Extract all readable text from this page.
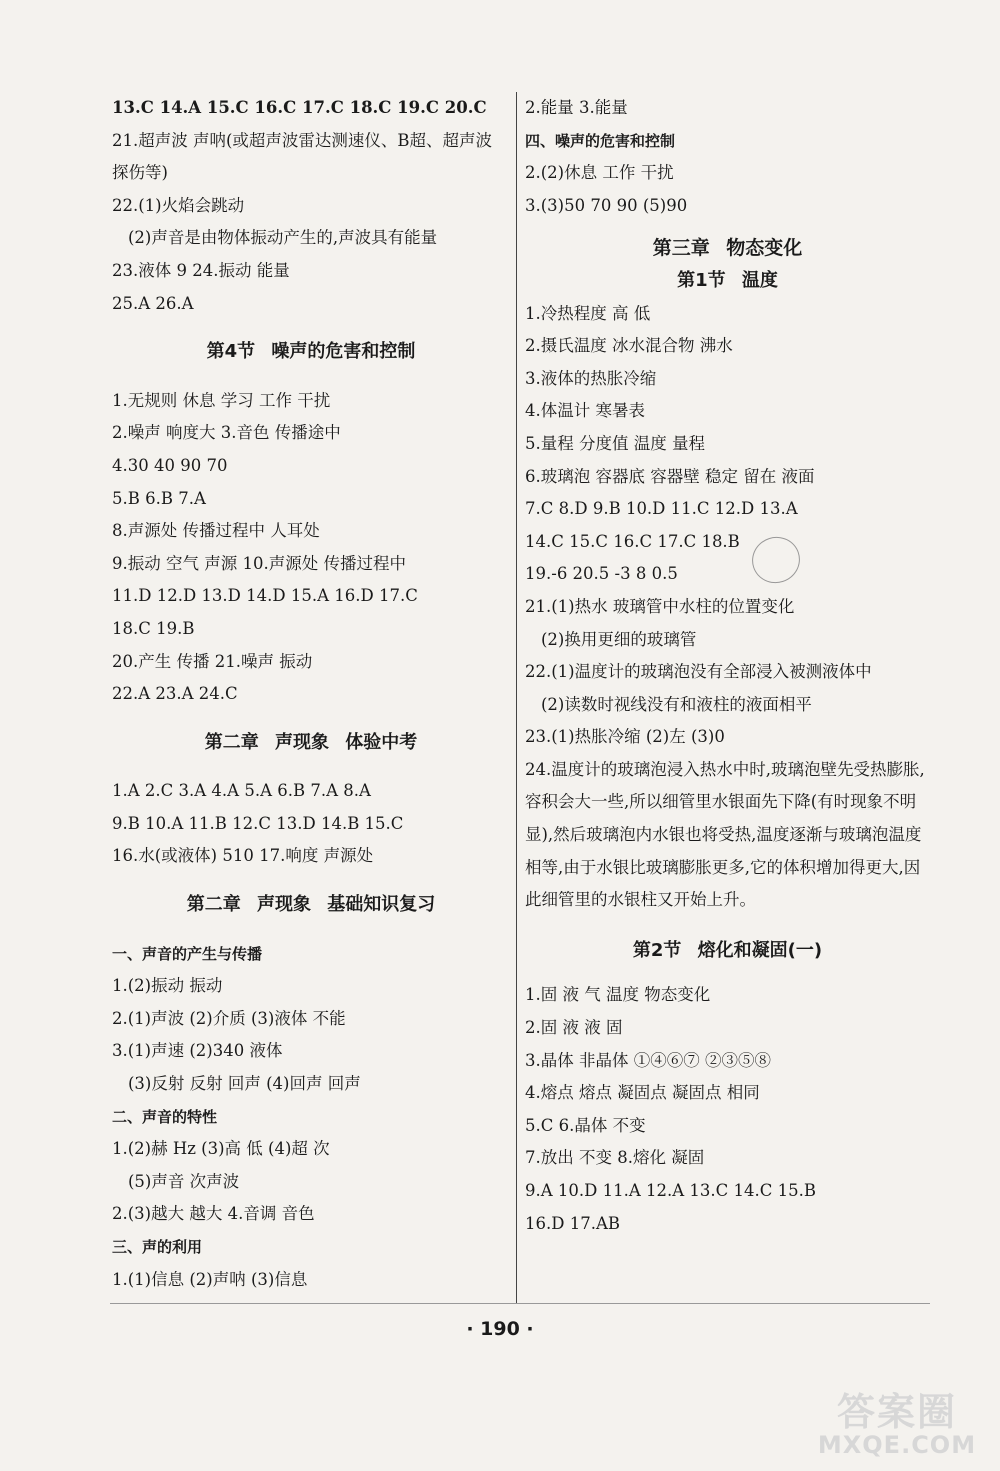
13.C 14.A 15.C 16.C 17.C 18.C 19.C 20.C
21.超声波 声呐(或超声波雷达测速仪、B超、超声波
探伤等)
22.(1)火焰会跳动
(2)声音是由物体振动产生的,声波具有能量
23.液体 9 24.振动 能量
25.A 26.A
第4节 噪声的危害和控制
1.无规则 休息 学习 工作 干扰
2.噪声 响度大 3.音色 传播途中
4.30 40 90 70
5.B 6.B 7.A
8.声源处 传播过程中 人耳处
9.振动 空气 声源 10.声源处 传播过程中
11.D 12.D 13.D 14.D 15.A 16.D 17.C
18.C 19.B
20.产生 传播 21.噪声 振动
22.A 23.A 24.C
第二章 声现象 体验中考
1.A 2.C 3.A 4.A 5.A 6.B 7.A 8.A
9.B 10.A 11.B 12.C 13.D 14.B 15.C
16.水(或液体) 510 17.响度 声源处
第二章 声现象 基础知识复习
一、声音的产生与传播
1.(2)振动 振动
2.(1)声波 (2)介质 (3)液体 不能
3.(1)声速 (2)340 液体
(3)反射 反射 回声 (4)回声 回声
二、声音的特性
1.(2)赫 Hz (3)高 低 (4)超 次
(5)声音 次声波
2.(3)越大 越大 4.音调 音色
三、声的利用
1.(1)信息 (2)声呐 (3)信息
2.能量 3.能量
四、噪声的危害和控制
2.(2)休息 工作 干扰
3.(3)50 70 90 (5)90
第三章 物态变化
第1节 温度
1.冷热程度 高 低
2.摄氏温度 冰水混合物 沸水
3.液体的热胀冷缩
4.体温计 寒暑表
5.量程 分度值 温度 量程
6.玻璃泡 容器底 容器壁 稳定 留在 液面
7.C 8.D 9.B 10.D 11.C 12.D 13.A
14.C 15.C 16.C 17.C 18.B
19.-6 20.5 -3 8 0.5
21.(1)热水 玻璃管中水柱的位置变化
(2)换用更细的玻璃管
22.(1)温度计的玻璃泡没有全部浸入被测液体中
(2)读数时视线没有和液柱的液面相平
23.(1)热胀冷缩 (2)左 (3)0
24.温度计的玻璃泡浸入热水中时,玻璃泡壁先受热膨胀,容积会大一些,所以细管里水银面先下降(有时现象不明显),然后玻璃泡内水银也将受热,温度逐渐与玻璃泡温度相等,由于水银比玻璃膨胀更多,它的体积增加得更大,因此细管里的水银柱又开始上升。
第2节 熔化和凝固(一)
1.固 液 气 温度 物态变化
2.固 液 液 固
3.晶体 非晶体 ①④⑥⑦ ②③⑤⑧
4.熔点 熔点 凝固点 凝固点 相同
5.C 6.晶体 不变
7.放出 不变 8.熔化 凝固
9.A 10.D 11.A 12.A 13.C 14.C 15.B
16.D 17.AB
· 190 ·
答案圈
MXQE.COM
